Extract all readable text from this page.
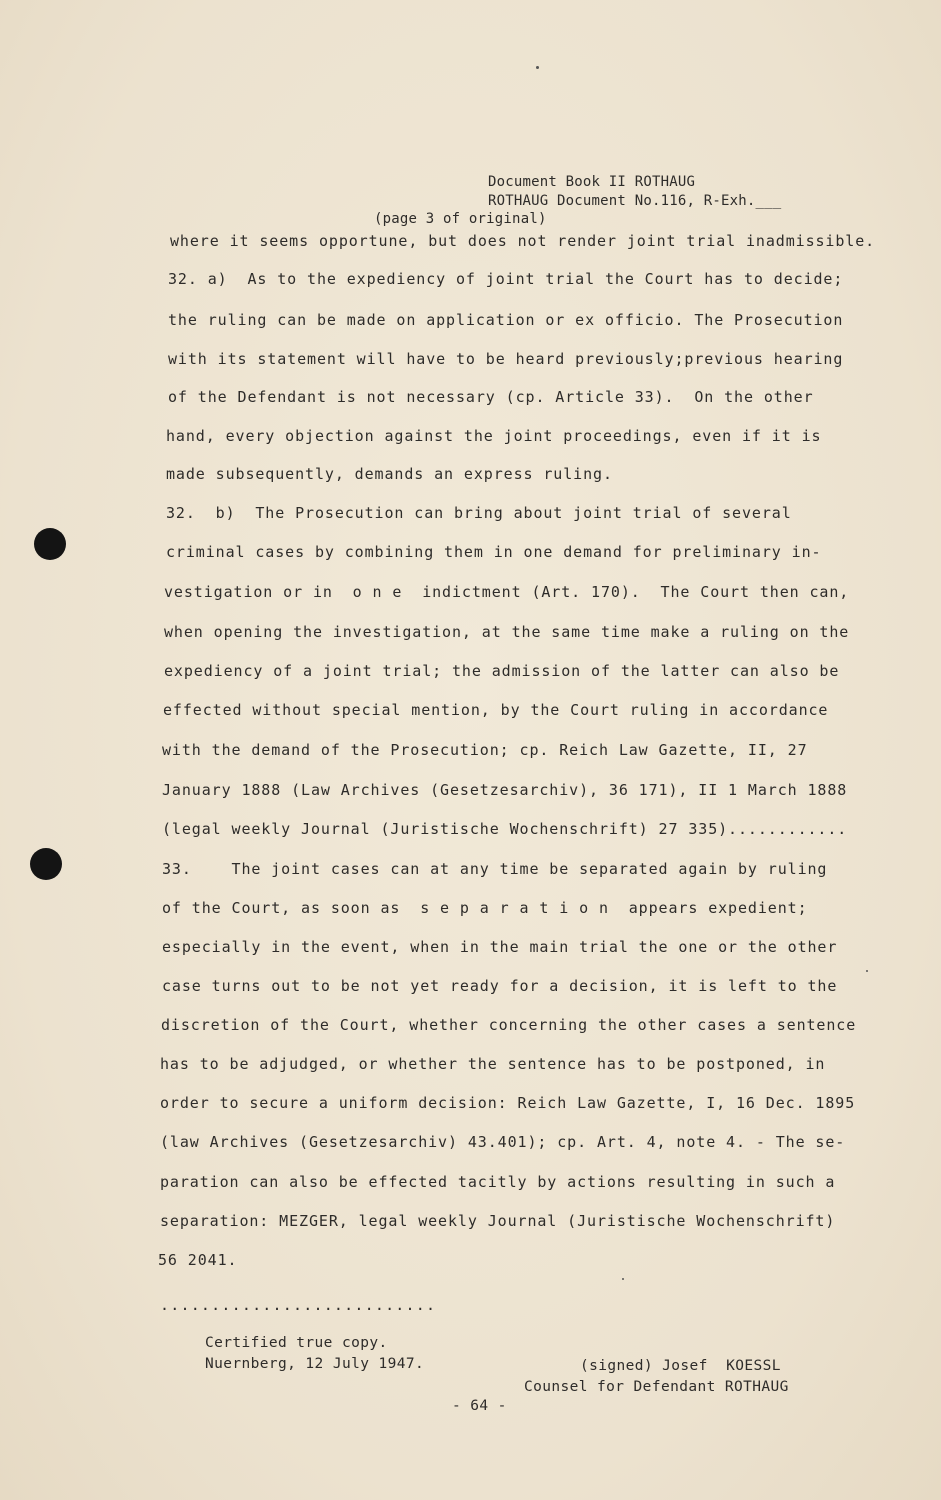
Document Book II ROTHAUG
ROTHAUG Document No.116, R-Exh.___
(page 3 of original)
where it seems opportune, but does not render joint trial inadmissible.
32. a)  As to the expediency of joint trial the Court has to decide;
the ruling can be made on application or ex officio. The Prosecution
with its statement will have to be heard previously;previous hearing
of the Defendant is not necessary (cp. Article 33).  On the other
hand, every objection against the joint proceedings, even if it is
made subsequently, demands an express ruling.
32.  b)  The Prosecution can bring about joint trial of several
criminal cases by combining them in one demand for preliminary in-
vestigation or in  o n e  indictment (Art. 170).  The Court then can,
when opening the investigation, at the same time make a ruling on the
expediency of a joint trial; the admission of the latter can also be
effected without special mention, by the Court ruling in accordance
with the demand of the Prosecution; cp. Reich Law Gazette, II, 27
January 1888 (Law Archives (Gesetzesarchiv), 36 171), II 1 March 1888
(legal weekly Journal (Juristische Wochenschrift) 27 335)............
33.    The joint cases can at any time be separated again by ruling
of the Court, as soon as  s e p a r a t i o n  appears expedient;
especially in the event, when in the main trial the one or the other
case turns out to be not yet ready for a decision, it is left to the
discretion of the Court, whether concerning the other cases a sentence
has to be adjudged, or whether the sentence has to be postponed, in
order to secure a uniform decision: Reich Law Gazette, I, 16 Dec. 1895
(law Archives (Gesetzesarchiv) 43.401); cp. Art. 4, note 4. - The se-
paration can also be effected tacitly by actions resulting in such a
separation: MEZGER, legal weekly Journal (Juristische Wochenschrift)
56 2041.
...........................
Certified true copy.
Nuernberg, 12 July 1947.	(signed) Josef  KOESSL
Counsel for Defendant ROTHAUG
- 64 -
